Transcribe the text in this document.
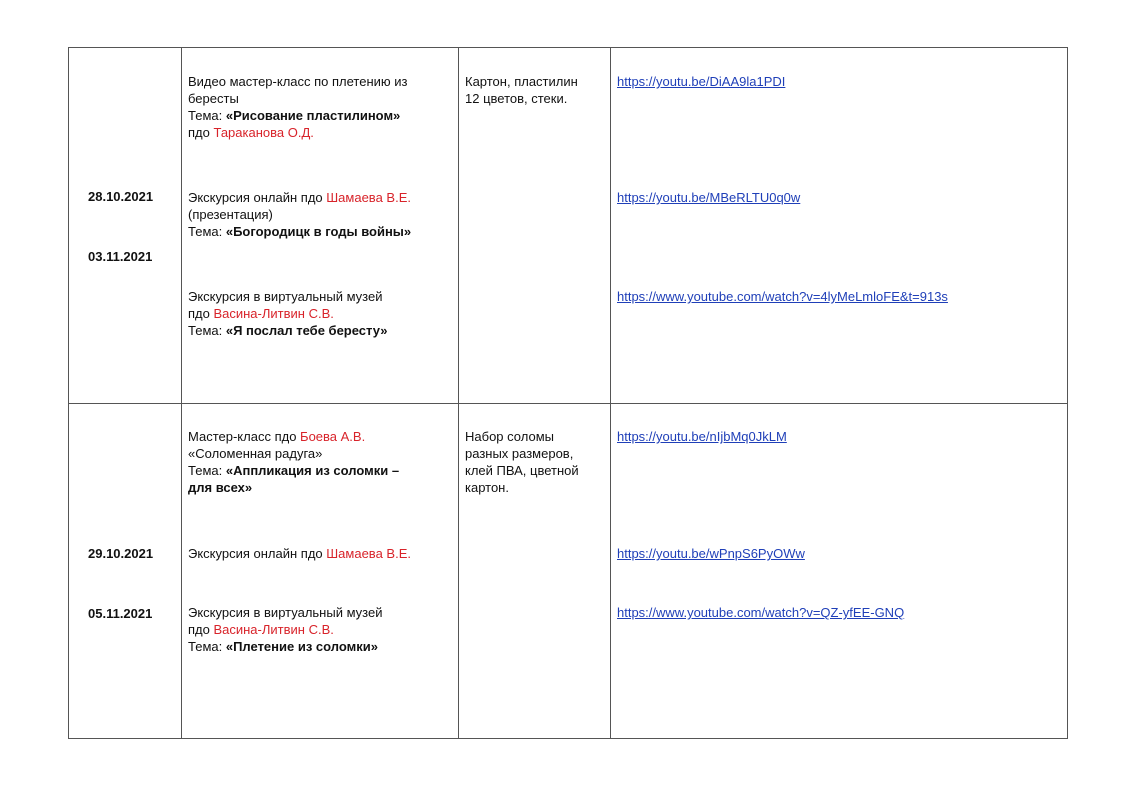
28.10.2021
03.11.2021
Видео мастер-класс по плетению из
бересты
Тема: «Рисование пластилином»
пдо Тараканова О.Д.
Экскурсия онлайн пдо Шамаева В.Е.
(презентация)
Тема: «Богородицк в годы войны»
Экскурсия в виртуальный музей
пдо Васина-Литвин С.В.
Тема: «Я послал тебе бересту»
Картон, пластилин
12 цветов, стеки.
https://youtu.be/DiAA9la1PDI
https://youtu.be/MBeRLTU0q0w
https://www.youtube.com/watch?v=4lyMeLmloFE&t=913s
29.10.2021
05.11.2021
Мастер-класс пдо Боева А.В.
«Соломенная радуга»
Тема: «Аппликация из соломки –
для всех»
Экскурсия онлайн пдо Шамаева В.Е.
Экскурсия в виртуальный музей
пдо Васина-Литвин С.В.
Тема: «Плетение из соломки»
Набор соломы
разных размеров,
клей ПВА, цветной
картон.
https://youtu.be/nIjbMq0JkLM
https://youtu.be/wPnpS6PyOWw
https://www.youtube.com/watch?v=QZ-yfEE-GNQ
